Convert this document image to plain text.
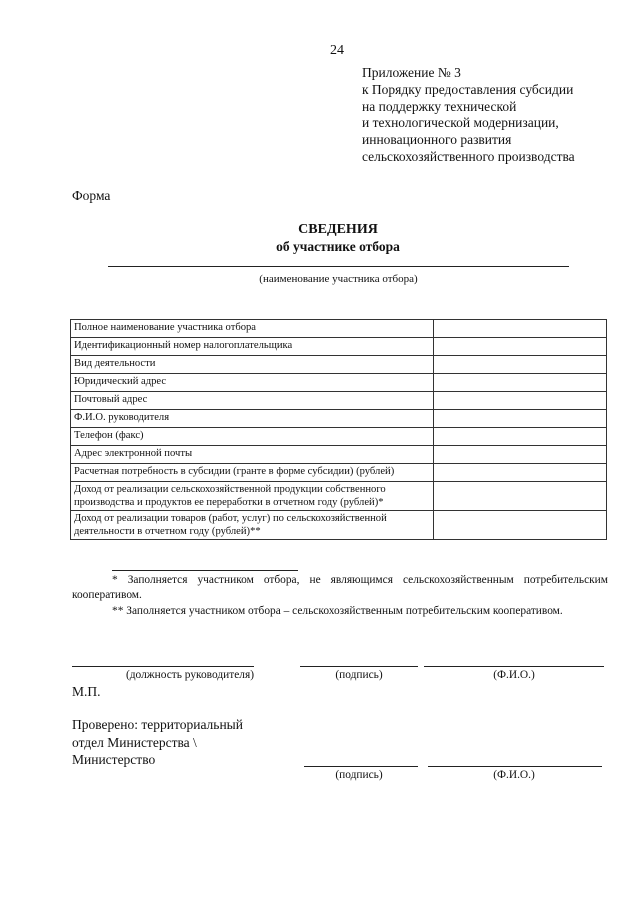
24
Приложение № 3
к Порядку предоставления субсидии
на поддержку технической
и технологической модернизации,
инновационного развития
сельскохозяйственного производства
Форма
СВЕДЕНИЯ
об участнике отбора
(наименование участника отбора)
Полное наименование участника отбора	
Идентификационный номер налогоплательщика	
Вид деятельности	
Юридический адрес	
Почтовый адрес	
Ф.И.О. руководителя	
Телефон (факс)	
Адрес электронной почты	
Расчетная потребность в субсидии (гранте в форме субсидии) (рублей)	
Доход от реализации сельскохозяйственной продукции собственного производства и продуктов ее переработки в отчетном году (рублей)*	
Доход от реализации товаров (работ, услуг) по сельскохозяйственной деятельности в отчетном году (рублей)**	
* Заполняется участником отбора, не являющимся сельскохозяйственным потребительским кооперативом.
** Заполняется участником отбора – сельскохозяйственным потребительским кооперативом.
(должность руководителя)	(подпись)	(Ф.И.О.)
М.П.
Проверено: территориальный
отдел Министерства \
Министерство
(подпись)	(Ф.И.О.)
